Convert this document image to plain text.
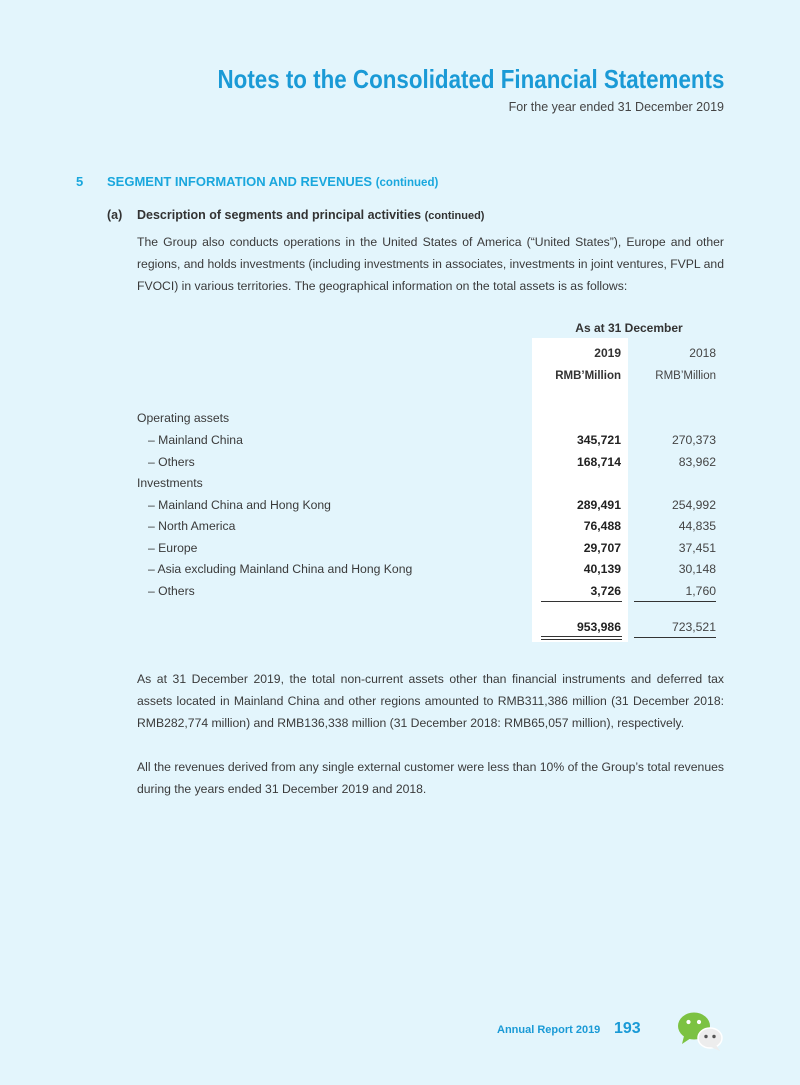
Notes to the Consolidated Financial Statements
For the year ended 31 December 2019
5 SEGMENT INFORMATION AND REVENUES (continued)
(a) Description of segments and principal activities (continued)
The Group also conducts operations in the United States of America (“United States”), Europe and other regions, and holds investments (including investments in associates, investments in joint ventures, FVPL and FVOCI) in various territories. The geographical information on the total assets is as follows:
As at 31 December
2019	2018
RMB’Million	RMB’Million
Operating assets
– Mainland China	345,721	270,373
– Others	168,714	83,962
Investments
– Mainland China and Hong Kong	289,491	254,992
– North America	76,488	44,835
– Europe	29,707	37,451
– Asia excluding Mainland China and Hong Kong	40,139	30,148
– Others	3,726	1,760
953,986	723,521
As at 31 December 2019, the total non-current assets other than financial instruments and deferred tax assets located in Mainland China and other regions amounted to RMB311,386 million (31 December 2018: RMB282,774 million) and RMB136,338 million (31 December 2018: RMB65,057 million), respectively.
All the revenues derived from any single external customer were less than 10% of the Group’s total revenues during the years ended 31 December 2019 and 2018.
Annual Report 2019 193
